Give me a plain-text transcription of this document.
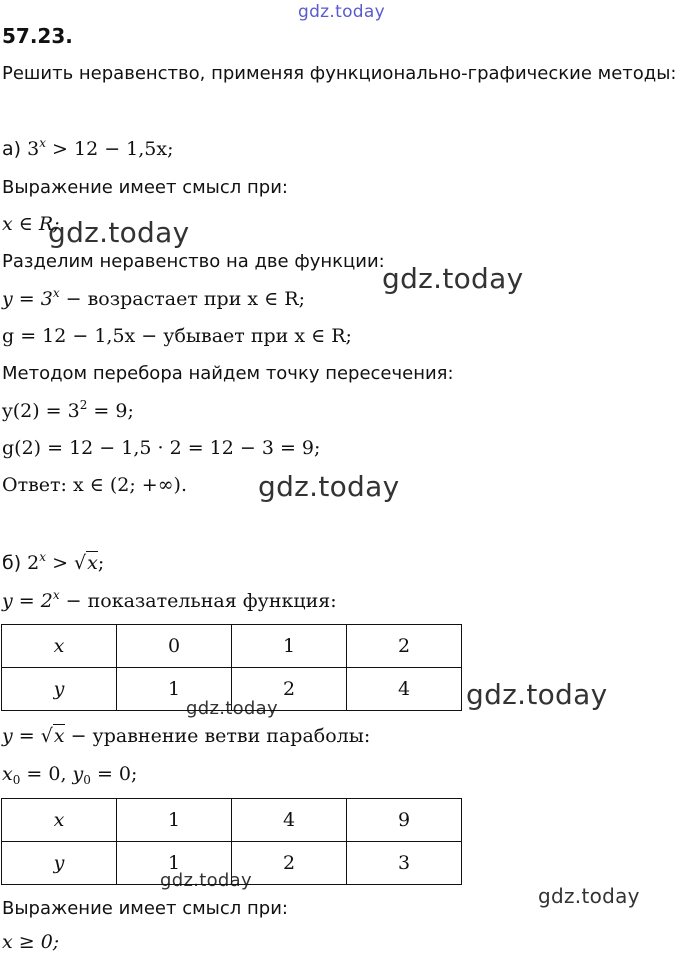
gdz.today
gdz.today
gdz.today
gdz.today
gdz.today
gdz.today
gdz.today
gdz.today
57.23.
Решить неравенство, применяя функционально-графические методы:
а) $3^x > 12 - 1,5x$;
Выражение имеет смысл при:
x ∈ R;
Разделим неравенство на две функции:
$y = 3^x$ − возрастает при x ∈ R;
g = 12 − 1,5x − убывает при x ∈ R;
Методом перебора найдем точку пересечения:
$y(2) = 3^2 = 9$;
g(2) = 12 − 1,5 · 2 = 12 − 3 = 9;
Ответ: x ∈ (2; +∞).
б) $2^x > √x$;
$y = 2^x$ − показательная функция:
x	0	1	2
y	1	2	4
y = √x − уравнение ветви параболы:
$x_0 = 0$, $y_0 = 0$;
x	1	4	9
y	1	2	3
Выражение имеет смысл при:
x ≥ 0;
